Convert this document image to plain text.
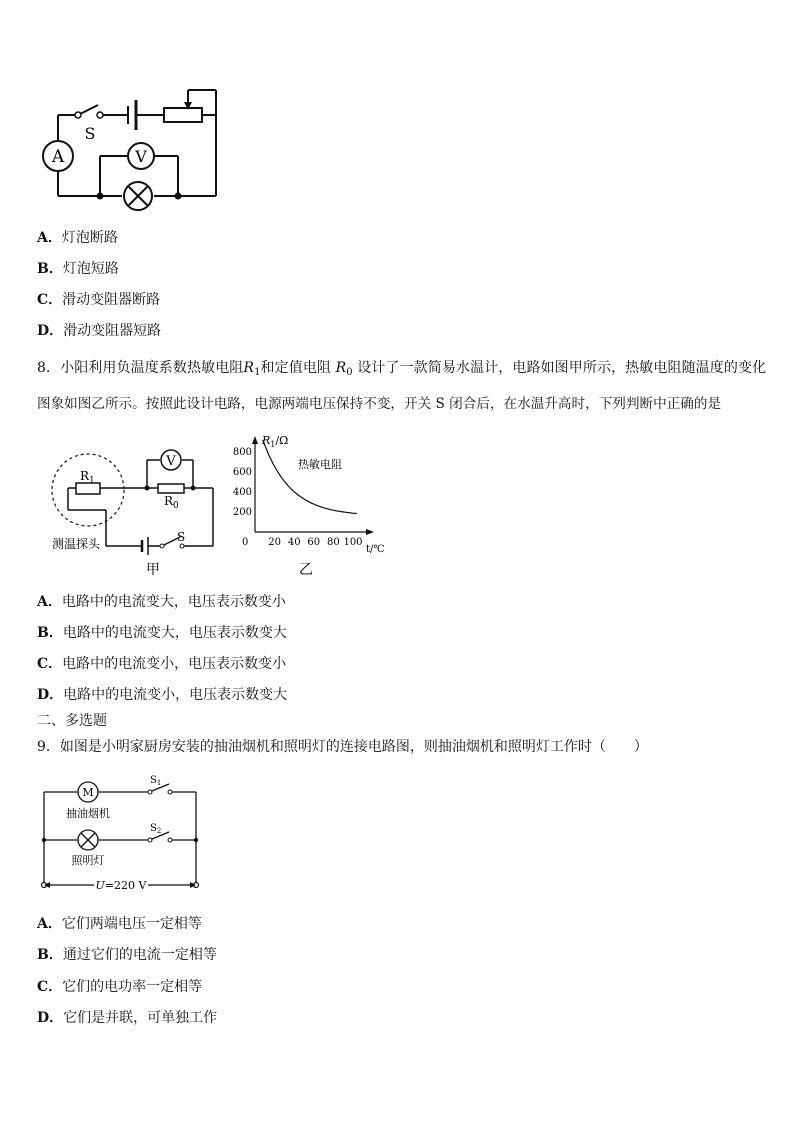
A	V
S
A．灯泡断路
B．灯泡短路
C．滑动变阻器断路
D．滑动变阻器短路
8．小阳利用负温度系数热敏电阻$R_1$和定值电阻 $R_0$ 设计了一款简易水温计，电路如图甲所示，热敏电阻随温度的变化
图象如图乙所示。按照此设计电路，电源两端电压保持不变，开关 S 闭合后，在水温升高时，下列判断中正确的是
V
$R_1$
$R_0$
S
测温探头
甲
800
600
400
200
20 40 60 80 100
0
$R_1/\Omega$
t/℃
热敏电阻
乙
A．电路中的电流变大，电压表示数变小
B．电路中的电流变大，电压表示数变大
C．电路中的电流变小，电压表示数变小
D．电路中的电流变小，电压表示数变大
二、多选题
9．如图是小明家厨房安装的抽油烟机和照明灯的连接电路图，则抽油烟机和照明灯工作时（　　）
M
抽油烟机
照明灯
$S_1$
$S_2$
U=220 V
A．它们两端电压一定相等
B．通过它们的电流一定相等
C．它们的电功率一定相等
D．它们是并联，可单独工作
